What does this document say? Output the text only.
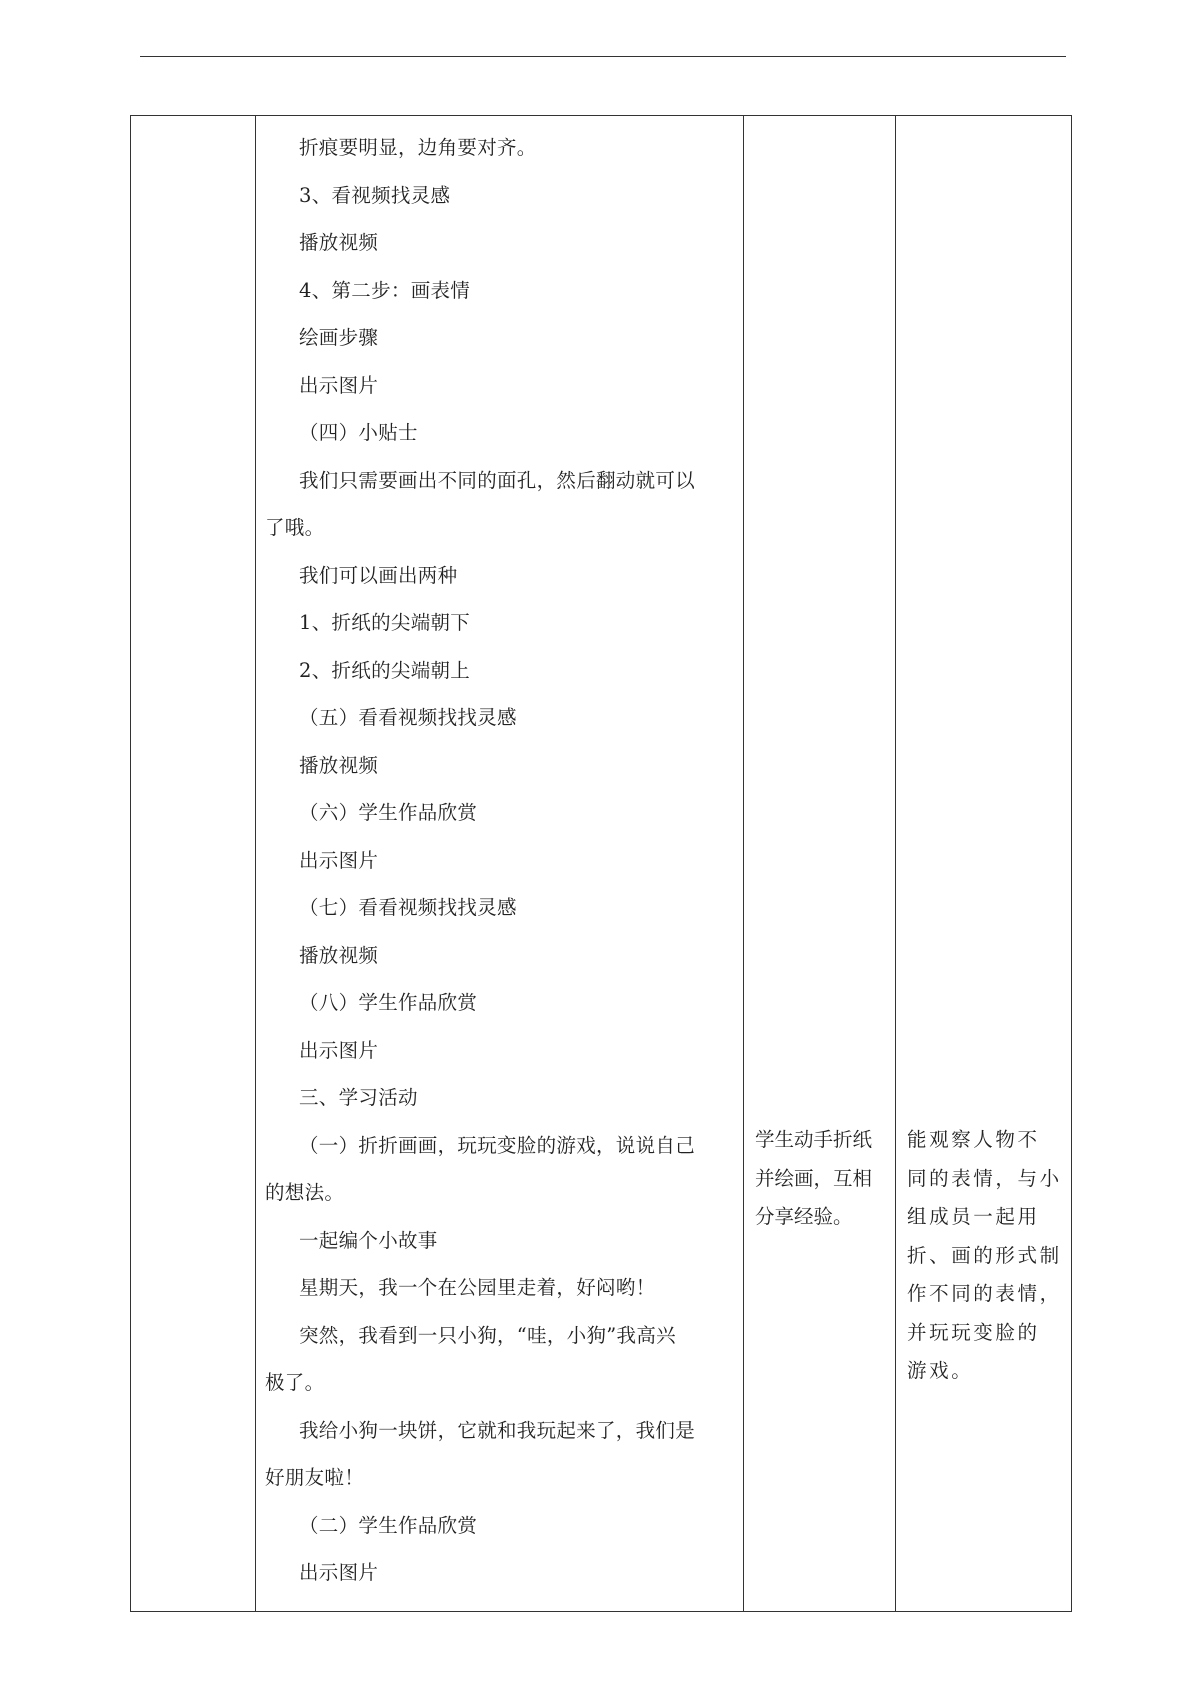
折痕要明显，边角要对齐。
3、看视频找灵感
播放视频
4、第二步：画表情
绘画步骤
出示图片
（四）小贴士
我们只需要画出不同的面孔，然后翻动就可以
了哦。
我们可以画出两种
1、折纸的尖端朝下
2、折纸的尖端朝上
（五）看看视频找找灵感
播放视频
（六）学生作品欣赏
出示图片
（七）看看视频找找灵感
播放视频
（八）学生作品欣赏
出示图片
三、学习活动
（一）折折画画，玩玩变脸的游戏，说说自己
的想法。
一起编个小故事
星期天，我一个在公园里走着，好闷哟！
突然，我看到一只小狗，“哇，小狗”我高兴
极了。
我给小狗一块饼，它就和我玩起来了，我们是
好朋友啦！
（二）学生作品欣赏
出示图片
学生动手折纸
并绘画，互相
分享经验。
能观察人物不
同的表情，与小
组成员一起用
折、画的形式制
作不同的表情，
并玩玩变脸的
游戏。
